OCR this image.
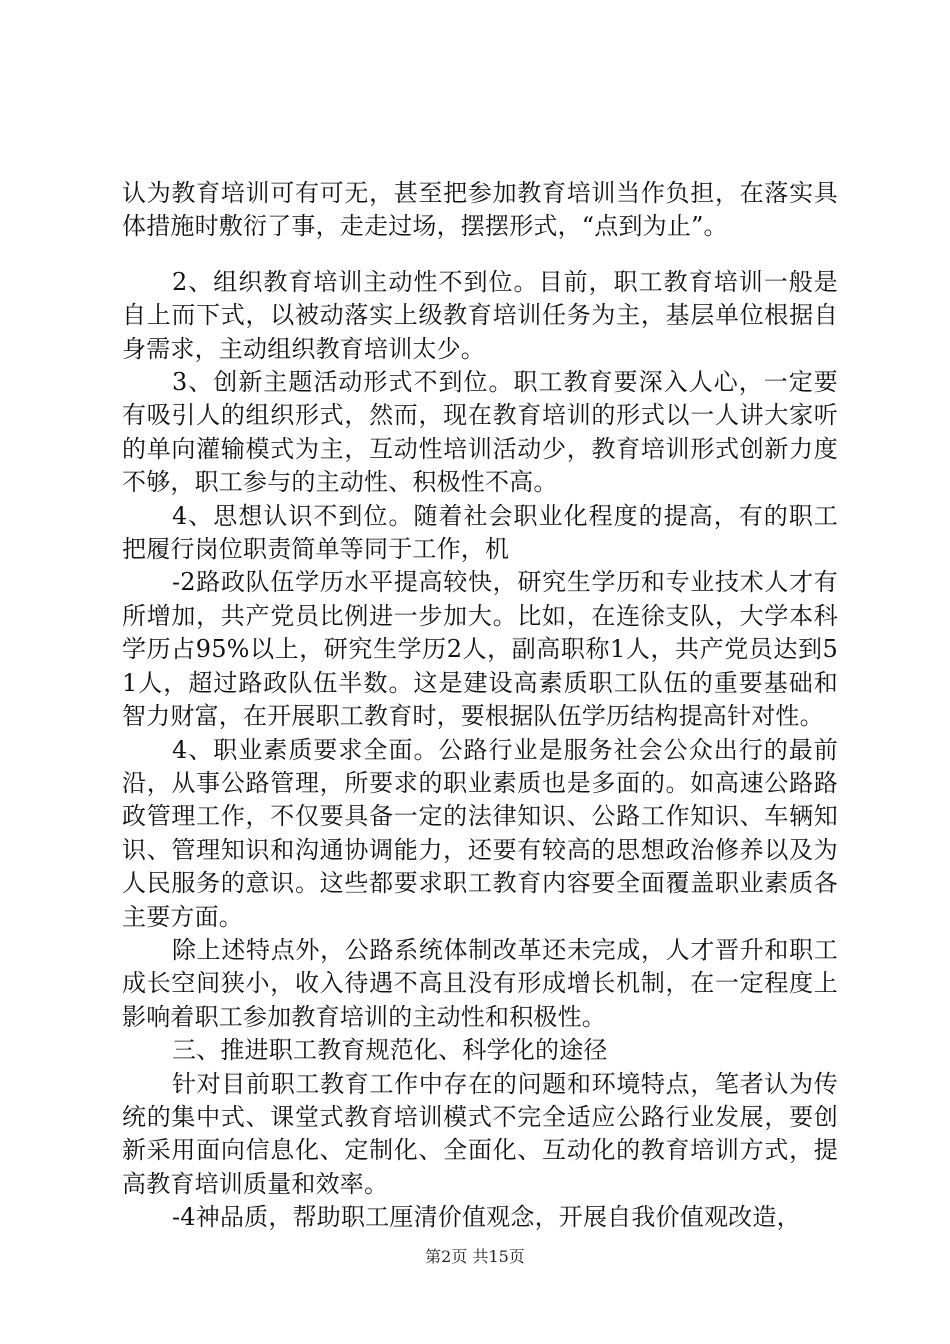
认为教育培训可有可无，甚至把参加教育培训当作负担，在落实具体措施时敷衍了事，走走过场，摆摆形式，“点到为止”。

2、组织教育培训主动性不到位。目前，职工教育培训一般是自上而下式，以被动落实上级教育培训任务为主，基层单位根据自身需求，主动组织教育培训太少。

3、创新主题活动形式不到位。职工教育要深入人心，一定要有吸引人的组织形式，然而，现在教育培训的形式以一人讲大家听的单向灌输模式为主，互动性培训活动少，教育培训形式创新力度不够，职工参与的主动性、积极性不高。

4、思想认识不到位。随着社会职业化程度的提高，有的职工把履行岗位职责简单等同于工作，机

-2路政队伍学历水平提高较快，研究生学历和专业技术人才有所增加，共产党员比例进一步加大。比如，在连徐支队，大学本科学历占95%以上，研究生学历2人，副高职称1人，共产党员达到51人，超过路政队伍半数。这是建设高素质职工队伍的重要基础和智力财富，在开展职工教育时，要根据队伍学历结构提高针对性。

4、职业素质要求全面。公路行业是服务社会公众出行的最前沿，从事公路管理，所要求的职业素质也是多面的。如高速公路路政管理工作，不仅要具备一定的法律知识、公路工作知识、车辆知识、管理知识和沟通协调能力，还要有较高的思想政治修养以及为人民服务的意识。这些都要求职工教育内容要全面覆盖职业素质各主要方面。

除上述特点外，公路系统体制改革还未完成，人才晋升和职工成长空间狭小，收入待遇不高且没有形成增长机制，在一定程度上影响着职工参加教育培训的主动性和积极性。

三、推进职工教育规范化、科学化的途径

针对目前职工教育工作中存在的问题和环境特点，笔者认为传统的集中式、课堂式教育培训模式不完全适应公路行业发展，要创新采用面向信息化、定制化、全面化、互动化的教育培训方式，提高教育培训质量和效率。

-4神品质，帮助职工厘清价值观念，开展自我价值观改造，

第2页 共15页
